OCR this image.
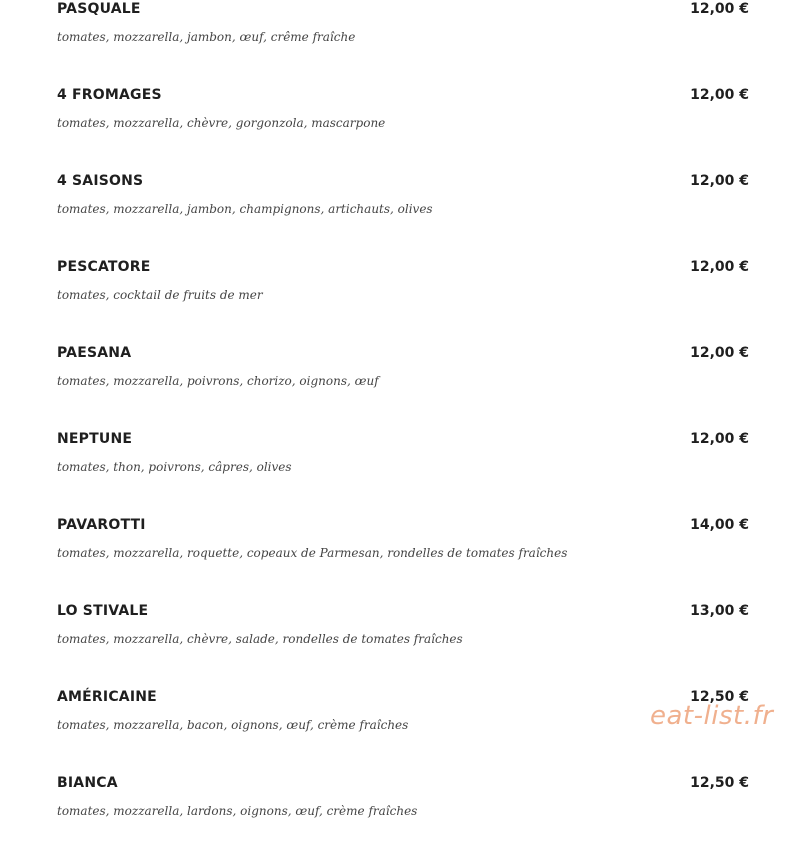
PASQUALE	12,00 €
tomates, mozzarella, jambon, œuf, crême fraîche
4 FROMAGES	12,00 €
tomates, mozzarella, chèvre, gorgonzola, mascarpone
4 SAISONS	12,00 €
tomates, mozzarella, jambon, champignons, artichauts, olives
PESCATORE	12,00 €
tomates, cocktail de fruits de mer
PAESANA	12,00 €
tomates, mozzarella, poivrons, chorizo, oignons, œuf
NEPTUNE	12,00 €
tomates, thon, poivrons, câpres, olives
PAVAROTTI	14,00 €
tomates, mozzarella, roquette, copeaux de Parmesan, rondelles de tomates fraîches
LO STIVALE	13,00 €
tomates, mozzarella, chèvre, salade, rondelles de tomates fraîches
AMÉRICAINE	12,50 €
tomates, mozzarella, bacon, oignons, œuf, crème fraîches
BIANCA	12,50 €
tomates, mozzarella, lardons, oignons, œuf, crème fraîches
eat-list.fr
